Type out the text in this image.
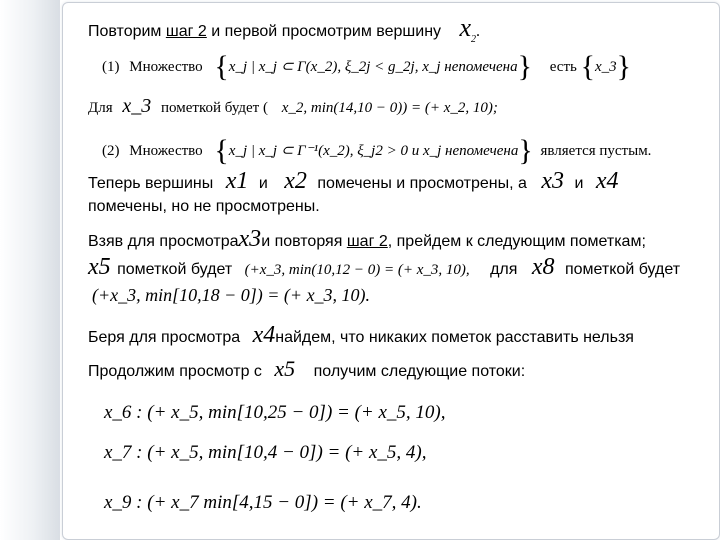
Повторим шаг 2 и первой просмотрим вершину $x_2$.
(1) Множество {x_j | x_j ⊂ Γ(x_2), ξ_2j < g_2j, x_j непомечена} есть {x_3}
Для x_3 пометкой будет ( x_2, min(14,10 − 0)) = (+ x_2, 10);
(2) Множество {x_j | x_j ⊂ Γ⁻¹(x_2), ξ_j2 > 0 и x_j непомечена} является пустым.
Теперь вершины x1 и x2 помечены и просмотрены, а x3 и x4
помечены, но не просмотрены.
Взяв для просмотраx3и повторяя шаг 2, прейдем к следующим пометкам;
x5 пометкой будет (+x_3, min(10,12 − 0) = (+ x_3, 10), для x8 пометкой будет
(+x_3, min[10,18 − 0]) = (+ x_3, 10).
Беря для просмотра x4найдем, что никаких пометок расставить нельзя
Продолжим просмотр с x5 получим следующие потоки:
x_6 : (+ x_5, min[10,25 − 0]) = (+ x_5, 10),
x_7 : (+ x_5, min[10,4 − 0]) = (+ x_5, 4),
x_9 : (+ x_7 min[4,15 − 0]) = (+ x_7, 4).
